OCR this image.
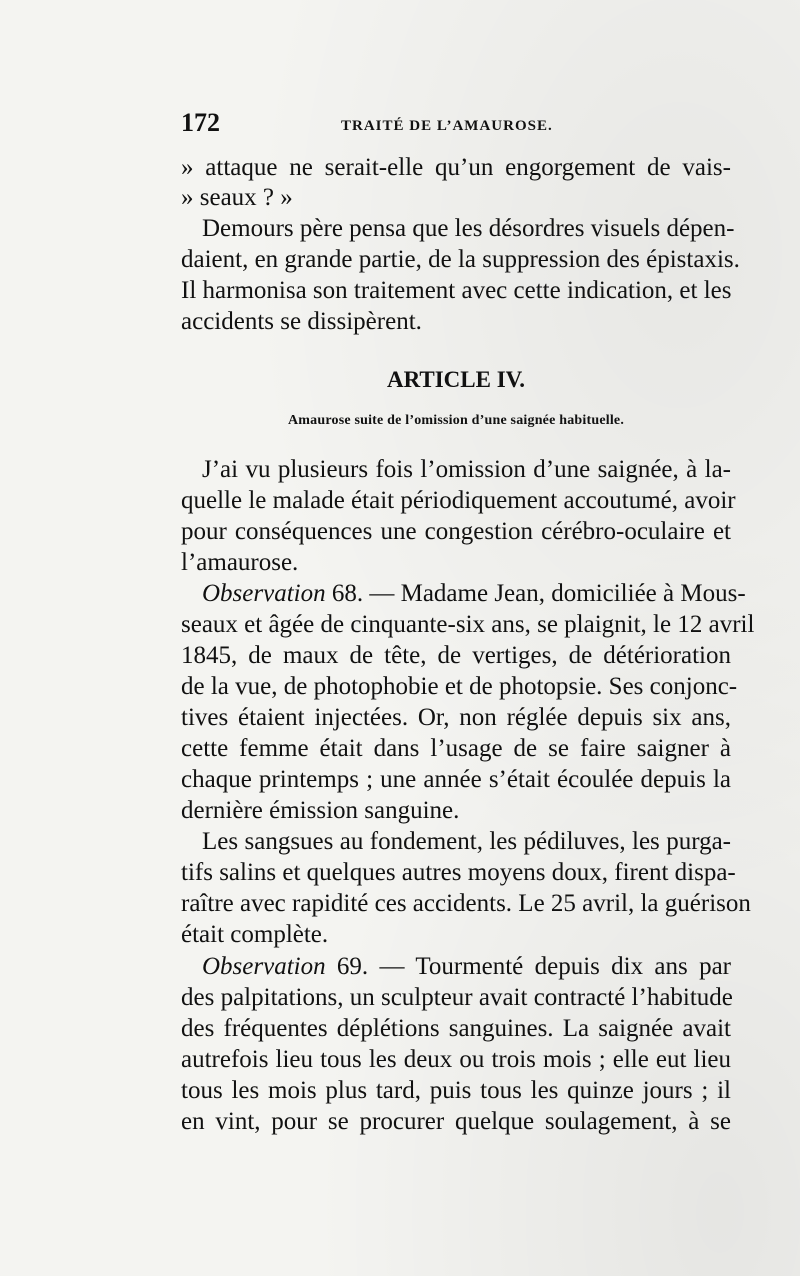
172	TRAITÉ DE L’AMAUROSE.
» attaque ne serait-elle qu’un engorgement de vais-
» seaux ? »
Demours père pensa que les désordres visuels dépen-
daient, en grande partie, de la suppression des épistaxis.
Il harmonisa son traitement avec cette indication, et les
accidents se dissipèrent.
ARTICLE IV.
Amaurose suite de l’omission d’une saignée habituelle.
J’ai vu plusieurs fois l’omission d’une saignée, à la-
quelle le malade était périodiquement accoutumé, avoir
pour conséquences une congestion cérébro-oculaire et
l’amaurose.
Observation 68. — Madame Jean, domiciliée à Mous-
seaux et âgée de cinquante-six ans, se plaignit, le 12 avril
1845, de maux de tête, de vertiges, de détérioration
de la vue, de photophobie et de photopsie. Ses conjonc-
tives étaient injectées. Or, non réglée depuis six ans,
cette femme était dans l’usage de se faire saigner à
chaque printemps ; une année s’était écoulée depuis la
dernière émission sanguine.
Les sangsues au fondement, les pédiluves, les purga-
tifs salins et quelques autres moyens doux, firent dispa-
raître avec rapidité ces accidents. Le 25 avril, la guérison
était complète.
Observation 69. — Tourmenté depuis dix ans par
des palpitations, un sculpteur avait contracté l’habitude
des fréquentes déplétions sanguines. La saignée avait
autrefois lieu tous les deux ou trois mois ; elle eut lieu
tous les mois plus tard, puis tous les quinze jours ; il
en vint, pour se procurer quelque soulagement, à se
